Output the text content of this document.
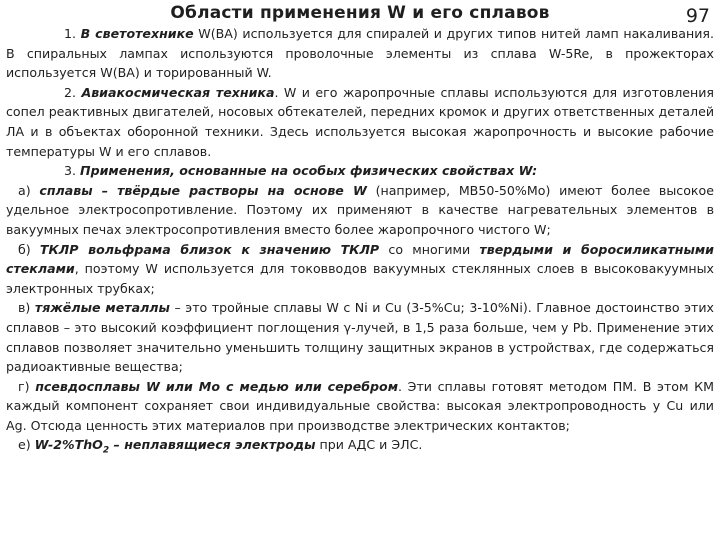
Области применения W и его сплавов	97

1. В светотехнике W(ВА) используется для спиралей и других типов нитей ламп накаливания. В спиральных лампах используются проволочные элементы из сплава W-5Re, в прожекторах используется W(ВА) и торированный W.

2. Авиакосмическая техника. W и его жаропрочные сплавы используются для изготовления сопел реактивных двигателей, носовых обтекателей, передних кромок и других ответственных деталей ЛА и в объектах оборонной техники. Здесь используется высокая жаропрочность и высокие рабочие температуры W и его сплавов.

3. Применения, основанные на особых физических свойствах W:

а) сплавы – твёрдые растворы на основе W (например, МВ50-50%Мо) имеют более высокое удельное электросопротивление. Поэтому их применяют в качестве нагревательных элементов в вакуумных печах электросопротивления вместо более жаропрочного чистого W;

б) ТКЛР вольфрама близок к значению ТКЛР со многими твердыми и боросиликатными стеклами, поэтому W используется для токовводов вакуумных стеклянных слоев в высоковакуумных электронных трубках;

в) тяжёлые металлы – это тройные сплавы W с Ni и Cu (3-5%Cu; 3-10%Ni). Главное достоинство этих сплавов – это высокий коэффициент поглощения γ-лучей, в 1,5 раза больше, чем у Pb. Применение этих сплавов позволяет значительно уменьшить толщину защитных экранов в устройствах, где содержаться радиоактивные вещества;

г) псевдосплавы W или Mo с медью или серебром. Эти сплавы готовят методом ПМ. В этом КМ каждый компонент сохраняет свои индивидуальные свойства: высокая электропроводность у Cu или Ag. Отсюда ценность этих материалов при производстве электрических контактов;

е) W-2%ThO$_2$ – неплавящиеся электроды при АДС и ЭЛС.
